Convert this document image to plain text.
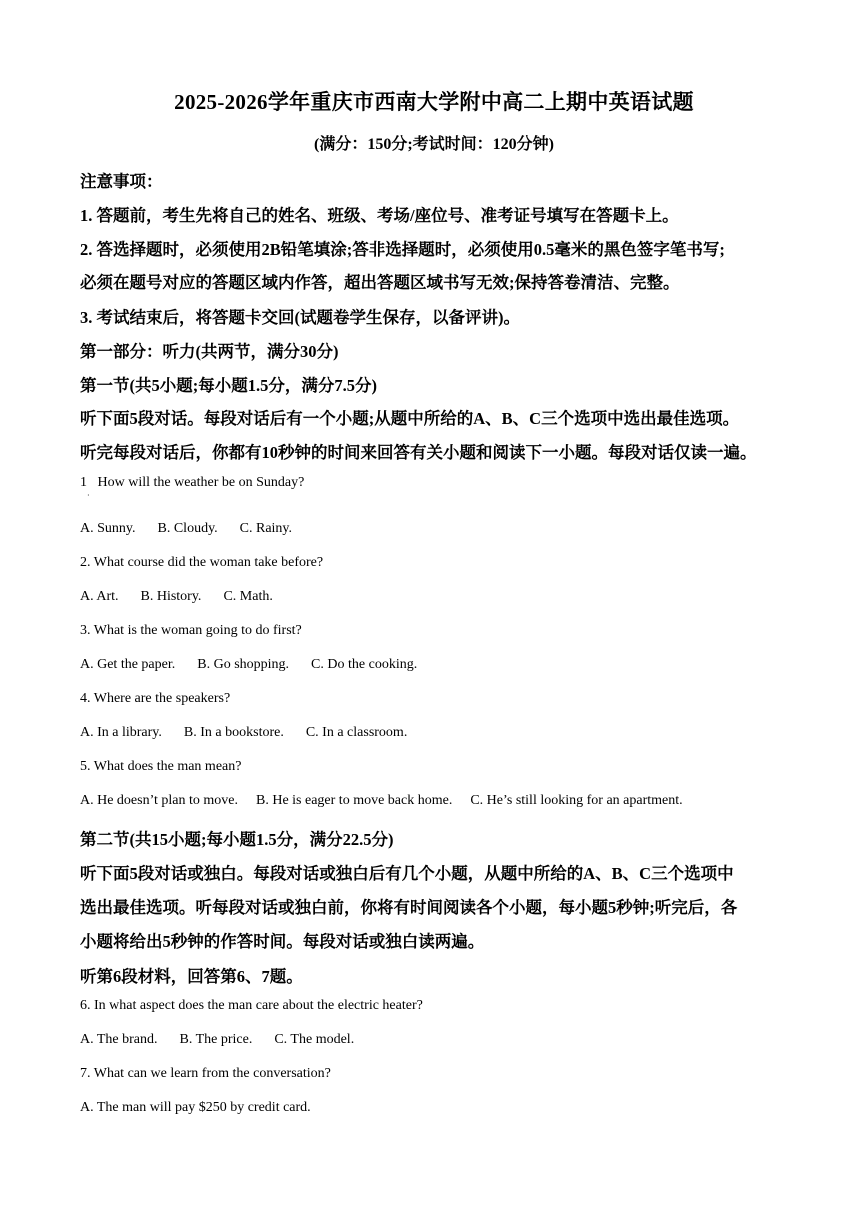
2025-2026学年重庆市西南大学附中高二上期中英语试题
(满分：150分;考试时间：120分钟)
注意事项：
1. 答题前，考生先将自己的姓名、班级、考场/座位号、准考证号填写在答题卡上。
2. 答选择题时，必须使用2B铅笔填涂;答非选择题时，必须使用0.5毫米的黑色签字笔书写;
必须在题号对应的答题区域内作答，超出答题区域书写无效;保持答卷清洁、完整。
3. 考试结束后，将答题卡交回(试题卷学生保存，以备评讲)。
第一部分：听力(共两节，满分30分)
第一节(共5小题;每小题1.5分，满分7.5分)
听下面5段对话。每段对话后有一个小题;从题中所给的A、B、C三个选项中选出最佳选项。
听完每段对话后，你都有10秒钟的时间来回答有关小题和阅读下一小题。每段对话仅读一遍。
1 How will the weather be on Sunday?
·
A. Sunny. B. Cloudy. C. Rainy.
2. What course did the woman take before?
A. Art. B. History. C. Math.
3. What is the woman going to do first?
A. Get the paper. B. Go shopping. C. Do the cooking.
4. Where are the speakers?
A. In a library. B. In a bookstore. C. In a classroom.
5. What does the man mean?
A. He doesn’t plan to move. B. He is eager to move back home. C. He’s still looking for an apartment.
第二节(共15小题;每小题1.5分，满分22.5分)
听下面5段对话或独白。每段对话或独白后有几个小题，从题中所给的A、B、C三个选项中
选出最佳选项。听每段对话或独白前，你将有时间阅读各个小题，每小题5秒钟;听完后，各
小题将给出5秒钟的作答时间。每段对话或独白读两遍。
听第6段材料，回答第6、7题。
6. In what aspect does the man care about the electric heater?
A. The brand. B. The price. C. The model.
7. What can we learn from the conversation?
A. The man will pay $250 by credit card.
